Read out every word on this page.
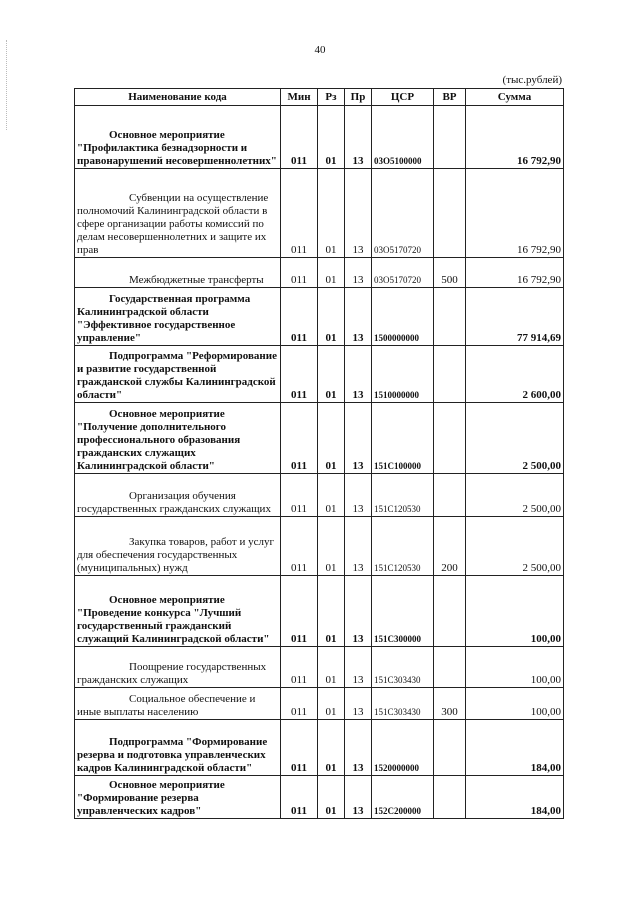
40
(тыс.рублей)
Наименование кода	Мин	Рз	Пр	ЦСР	ВР	Сумма
Основное мероприятие "Профилактика безнадзорности и правонарушений несовершеннолетних"	011	01	13	03О5100000		16 792,90
Субвенции на осуществление полномочий Калининградской области в сфере организации работы комиссий по делам несовершеннолетних и защите их прав	011	01	13	03О5170720		16 792,90
Межбюджетные трансферты	011	01	13	03О5170720	500	16 792,90
Государственная программа Калининградской области "Эффективное государственное управление"	011	01	13	1500000000		77 914,69
Подпрограмма "Реформирование и развитие государственной гражданской службы Калининградской области"	011	01	13	1510000000		2 600,00
Основное мероприятие "Получение дополнительного профессионального образования гражданских служащих Калининградской области"	011	01	13	151С100000		2 500,00
Организация обучения государственных гражданских служащих	011	01	13	151С120530		2 500,00
Закупка товаров, работ и услуг для обеспечения государственных (муниципальных) нужд	011	01	13	151С120530	200	2 500,00
Основное мероприятие "Проведение конкурса "Лучший государственный гражданский служащий Калининградской области"	011	01	13	151С300000		100,00
Поощрение государственных гражданских служащих	011	01	13	151С303430		100,00
Социальное обеспечение и иные выплаты населению	011	01	13	151С303430	300	100,00
Подпрограмма "Формирование резерва и подготовка управленческих кадров Калининградской области"	011	01	13	1520000000		184,00
Основное мероприятие "Формирование резерва управленческих кадров"	011	01	13	152С200000		184,00
